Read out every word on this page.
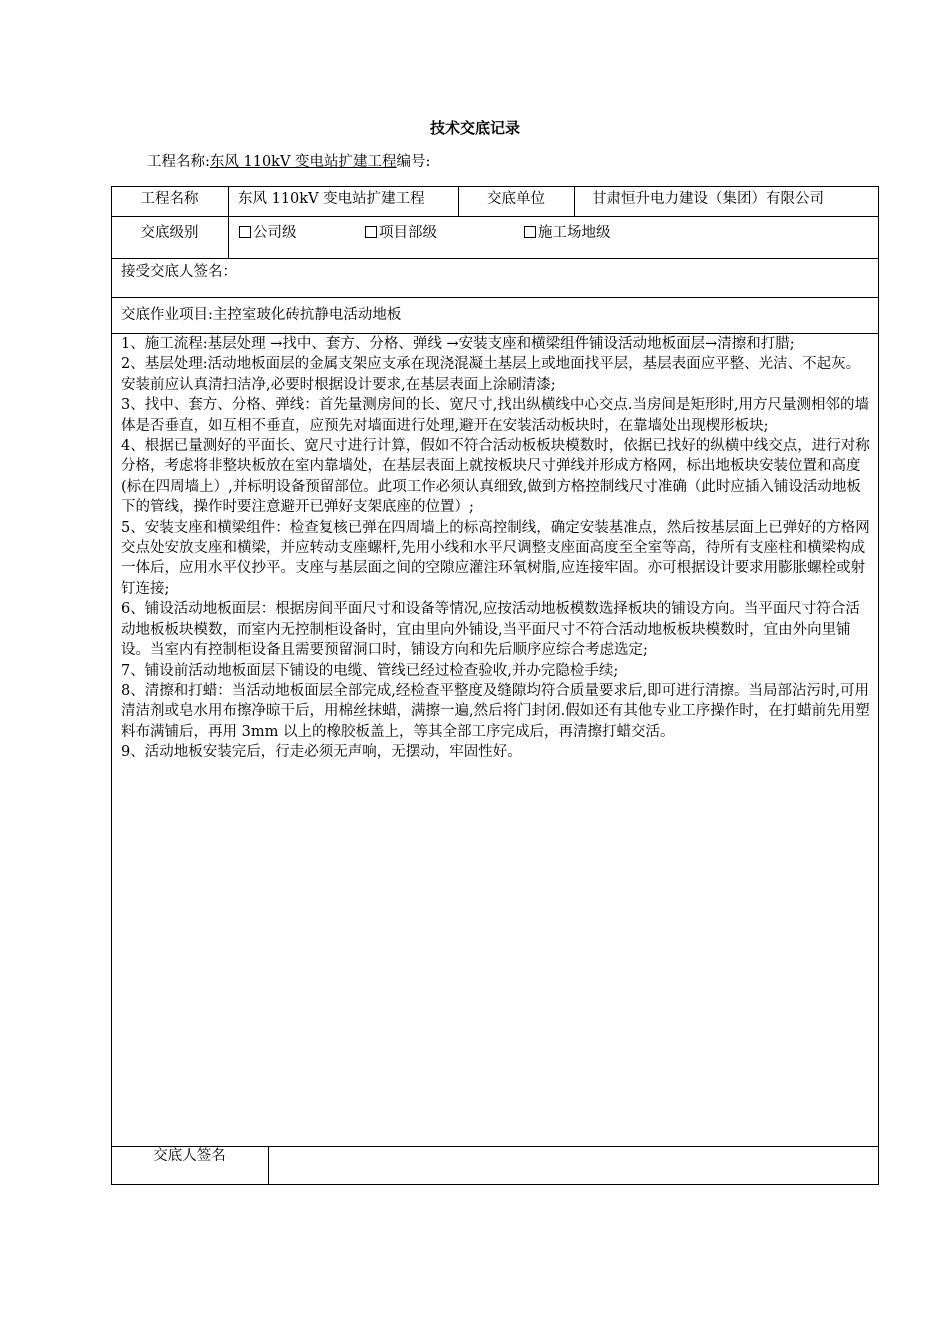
技术交底记录
工程名称:东风 110kV 变电站扩建工程编号:
工程名称	东风 110kV 变电站扩建工程	交底单位	甘肃恒升电力建设（集团）有限公司
交底级别	公司级	项目部级	施工场地级
接受交底人签名：
交底作业项目:主控室玻化砖抗静电活动地板

1、施工流程:基层处理 →找中、套方、分格、弹线 →安装支座和横梁组件铺设活动地板面层→清擦和打腊;

2、基层处理:活动地板面层的金属支架应支承在现浇混凝土基层上或地面找平层，基层表面应平整、光洁、不起灰。安装前应认真清扫洁净,必要时根据设计要求,在基层表面上涂刷清漆;

3、找中、套方、分格、弹线：首先量测房间的长、宽尺寸,找出纵横线中心交点.当房间是矩形时,用方尺量测相邻的墙体是否垂直，如互相不垂直，应预先对墙面进行处理,避开在安装活动板块时，在靠墙处出现楔形板块;

4、根据已量测好的平面长、宽尺寸进行计算，假如不符合活动板板块模数时，依据已找好的纵横中线交点，进行对称分格，考虑将非整块板放在室内靠墙处，在基层表面上就按板块尺寸弹线并形成方格网，标出地板块安装位置和高度(标在四周墙上）,并标明设备预留部位。此项工作必须认真细致,做到方格控制线尺寸准确（此时应插入铺设活动地板下的管线，操作时要注意避开已弹好支架底座的位置）;

5、安装支座和横梁组件：检查复核已弹在四周墙上的标高控制线，确定安装基准点，然后按基层面上已弹好的方格网交点处安放支座和横梁，并应转动支座螺杆,先用小线和水平尺调整支座面高度至全室等高，待所有支座柱和横梁构成一体后，应用水平仪抄平。支座与基层面之间的空隙应灌注环氧树脂,应连接牢固。亦可根据设计要求用膨胀螺栓或射钉连接;

6、铺设活动地板面层：根据房间平面尺寸和设备等情况,应按活动地板模数选择板块的铺设方向。当平面尺寸符合活动地板板块模数，而室内无控制柜设备时，宜由里向外铺设,当平面尺寸不符合活动地板板块模数时，宜由外向里铺设。当室内有控制柜设备且需要预留洞口时，铺设方向和先后顺序应综合考虑选定;

7、铺设前活动地板面层下铺设的电缆、管线已经过检查验收,并办完隐检手续;

8、清擦和打蜡：当活动地板面层全部完成,经检查平整度及缝隙均符合质量要求后,即可进行清擦。当局部沾污时,可用清洁剂或皂水用布擦净晾干后，用棉丝抹蜡，满擦一遍,然后将门封闭.假如还有其他专业工序操作时，在打蜡前先用塑料布满铺后，再用 3mm 以上的橡胶板盖上，等其全部工序完成后，再清擦打蜡交活。

9、活动地板安装完后，行走必须无声响，无摆动，牢固性好。

交底人签名
